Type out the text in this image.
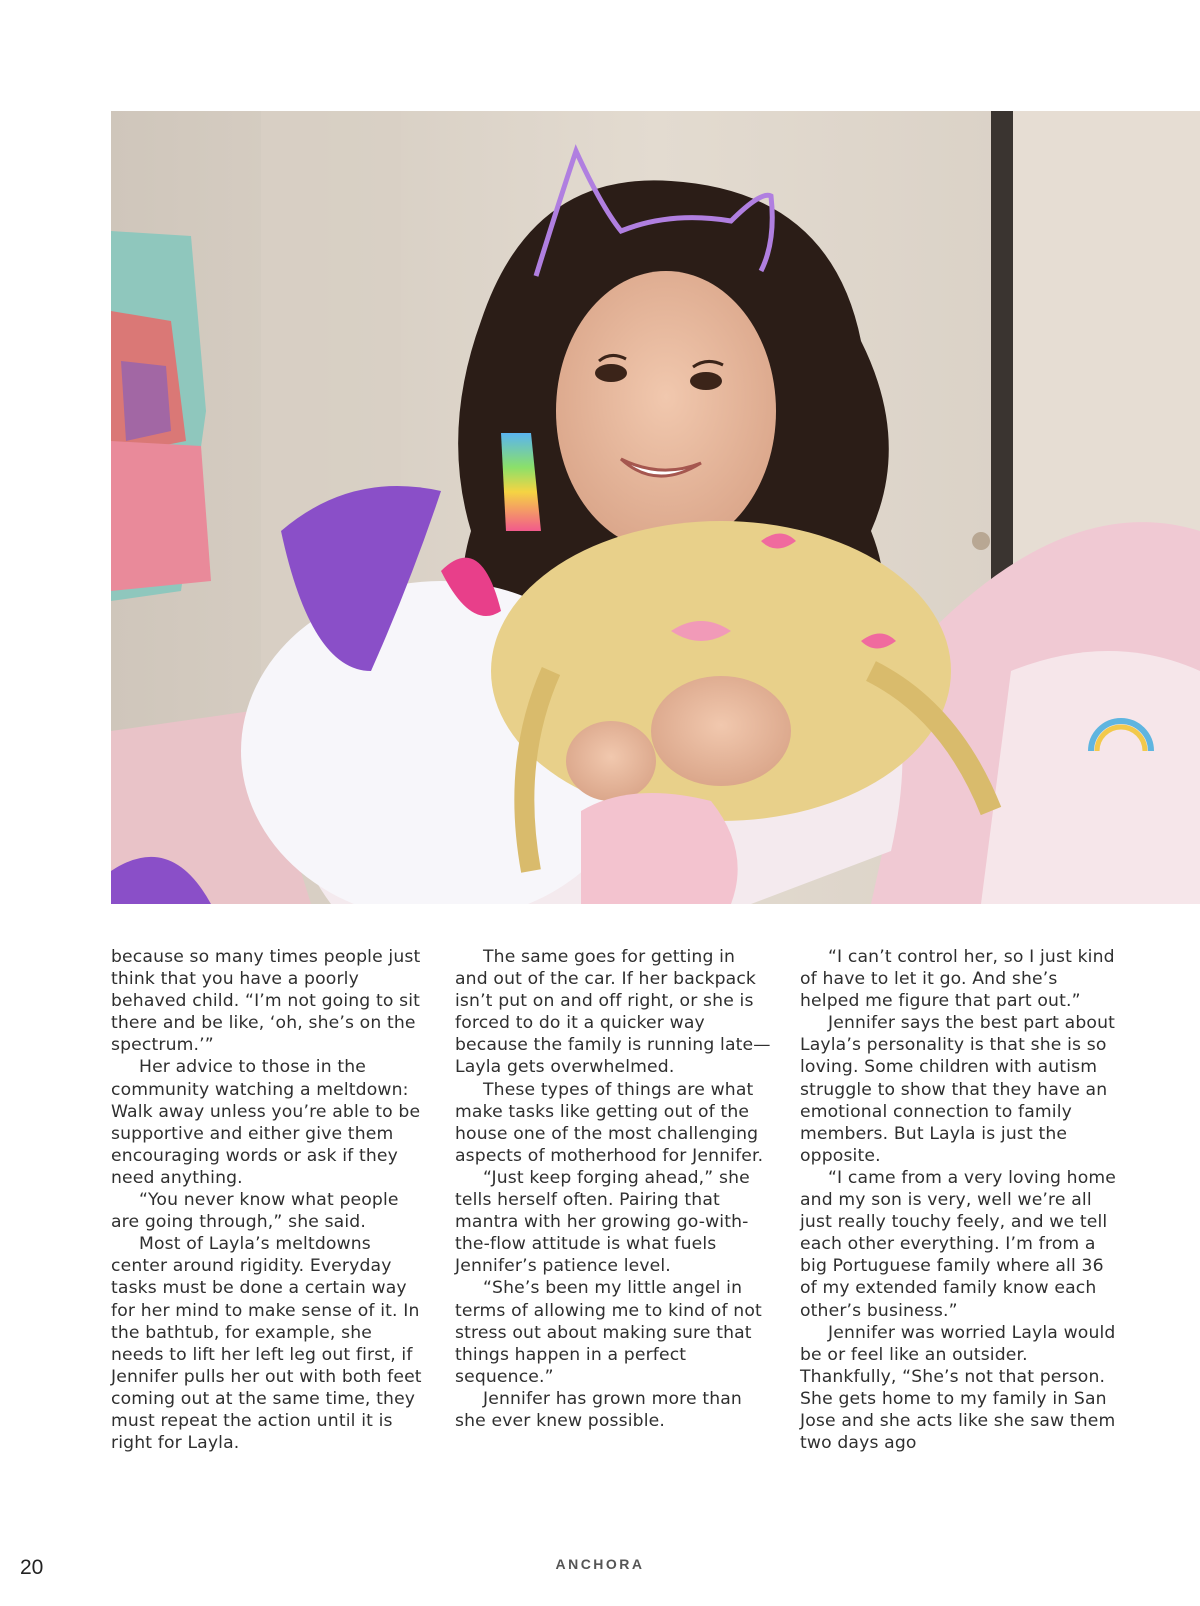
because so many times people just think that you have a poorly behaved child. “I’m not going to sit there and be like, ‘oh, she’s on the spectrum.’”

Her advice to those in the community watching a meltdown: Walk away unless you’re able to be supportive and either give them encouraging words or ask if they need anything.

“You never know what people are going through,” she said.

Most of Layla’s meltdowns center around rigidity. Everyday tasks must be done a certain way for her mind to make sense of it. In the bathtub, for example, she needs to lift her left leg out first, if Jennifer pulls her out with both feet coming out at the same time, they must repeat the action until it is right for Layla.

The same goes for getting in and out of the car. If her backpack isn’t put on and off right, or she is forced to do it a quicker way because the family is running late—Layla gets overwhelmed.

These types of things are what make tasks like getting out of the house one of the most challenging aspects of motherhood for Jennifer.

“Just keep forging ahead,” she tells herself often. Pairing that mantra with her growing go-with-the-flow attitude is what fuels Jennifer’s patience level.

“She’s been my little angel in terms of allowing me to kind of not stress out about making sure that things happen in a perfect sequence.”

Jennifer has grown more than she ever knew possible.

“I can’t control her, so I just kind of have to let it go. And she’s helped me figure that part out.”

Jennifer says the best part about Layla’s personality is that she is so loving. Some children with autism struggle to show that they have an emotional connection to family members. But Layla is just the opposite.

“I came from a very loving home and my son is very, well we’re all just really touchy feely, and we tell each other everything. I’m from a big Portuguese family where all 36 of my extended family know each other’s business.”

Jennifer was worried Layla would be or feel like an outsider. Thankfully, “She’s not that person. She gets home to my family in San Jose and she acts like she saw them two days ago

20	ANCHORA
